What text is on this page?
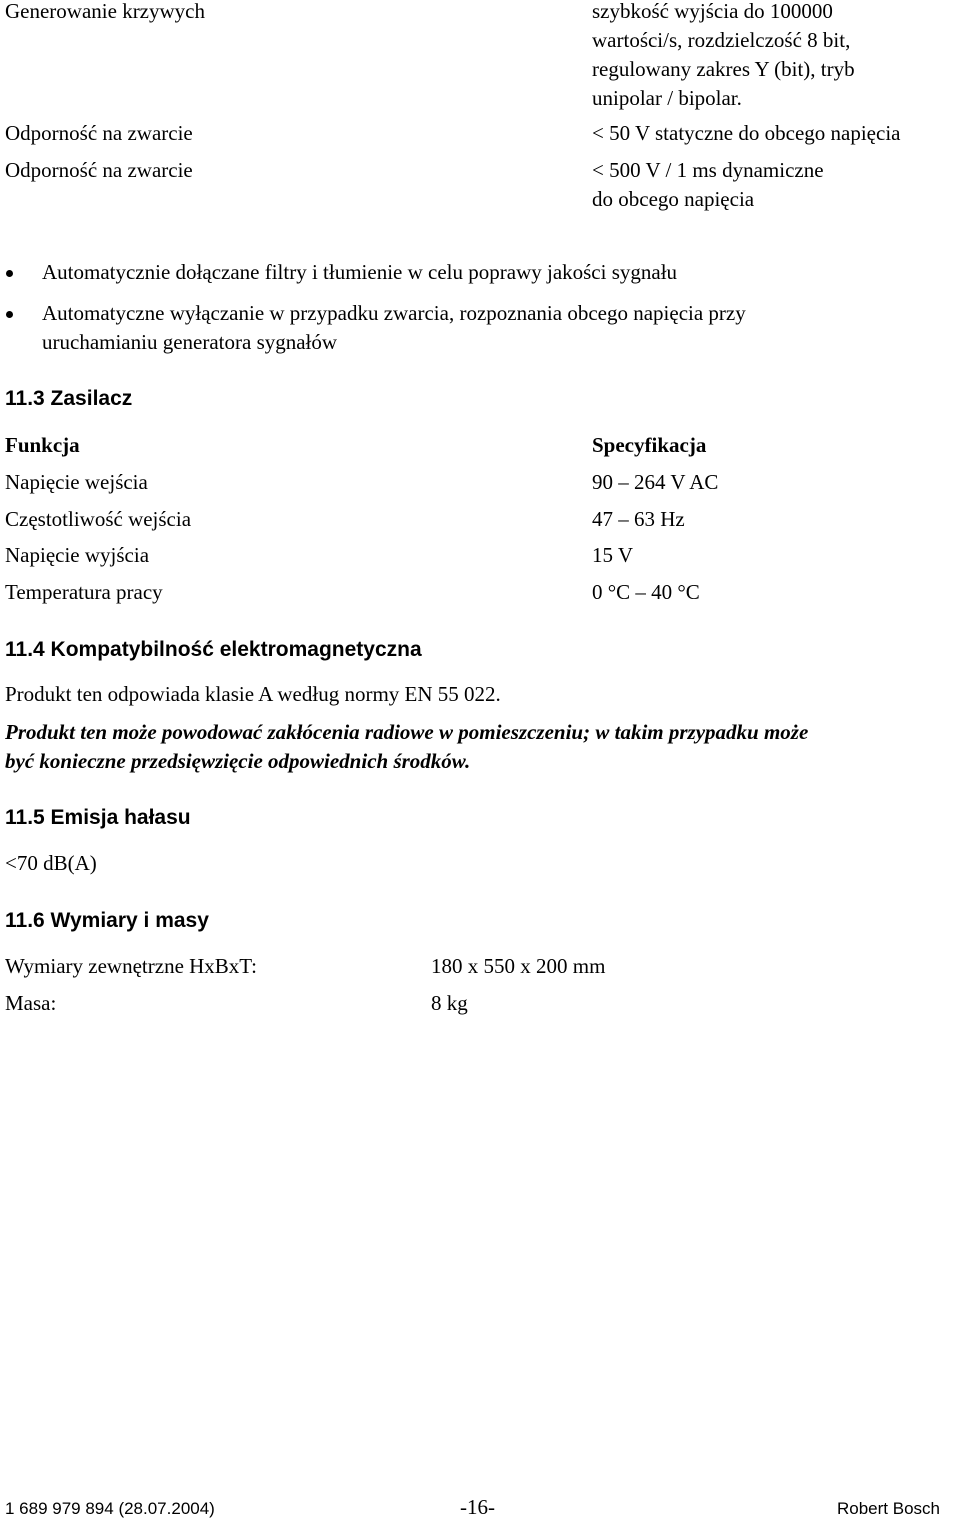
Generowanie krzywych	szybkość wyjścia do 100000
wartości/s, rozdzielczość 8 bit,
regulowany zakres Y (bit), tryb
unipolar / bipolar.
Odporność na zwarcie	< 50 V statyczne do obcego napięcia
Odporność na zwarcie	< 500 V / 1 ms dynamiczne
do obcego napięcia
Automatycznie dołączane filtry i tłumienie w celu poprawy jakości sygnału
Automatyczne wyłączanie w przypadku zwarcia, rozpoznania obcego napięcia przy
uruchamianiu generatora sygnałów
11.3 Zasilacz
Funkcja	Specyfikacja
Napięcie wejścia	90 – 264 V AC
Częstotliwość wejścia	47 – 63 Hz
Napięcie wyjścia	15 V
Temperatura pracy	0 °C – 40 °C
11.4 Kompatybilność elektromagnetyczna
Produkt ten odpowiada klasie A według normy EN 55 022.
Produkt ten może powodować zakłócenia radiowe w pomieszczeniu; w takim przypadku może
być konieczne przedsięwzięcie odpowiednich środków.
11.5 Emisja hałasu
<70 dB(A)
11.6 Wymiary i masy
Wymiary zewnętrzne HxBxT:	180 x 550 x 200 mm
Masa:	8 kg
1 689 979 894 (28.07.2004)	-16-	Robert Bosch
